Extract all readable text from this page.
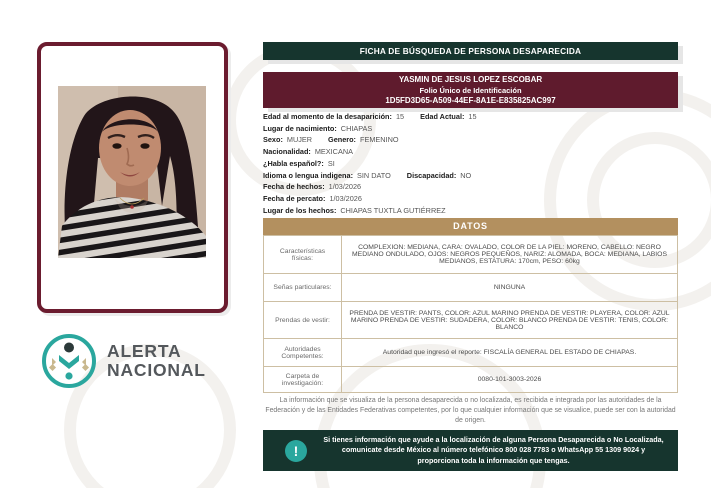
ALERTA
NACIONAL
FICHA DE BÚSQUEDA DE PERSONA DESAPARECIDA
YASMIN DE JESUS LOPEZ ESCOBAR
Folio Único de Identificación
1D5FD3D65-A509-44EF-8A1E-E835825AC997
Edad al momento de la desaparición: 15 Edad Actual: 15
Lugar de nacimiento: CHIAPAS
Sexo: MUJER Genero: FEMENINO
Nacionalidad: MEXICANA
¿Habla español?: SI
Idioma o lengua indigena: SIN DATO Discapacidad: NO
Fecha de hechos: 1/03/2026
Fecha de percato: 1/03/2026
Lugar de los hechos: CHIAPAS TUXTLA GUTIÉRREZ
DATOS
Características físicas:	COMPLEXION: MEDIANA, CARA: OVALADO, COLOR DE LA PIEL: MORENO, CABELLO: NEGRO MEDIANO ONDULADO, OJOS: NEGROS PEQUEÑOS, NARIZ: ALOMADA, BOCA: MEDIANA, LABIOS MEDIANOS, ESTATURA: 170cm, PESO: 60kg
Señas particulares:	NINGUNA
Prendas de vestir:	PRENDA DE VESTIR: PANTS, COLOR: AZUL MARINO PRENDA DE VESTIR: PLAYERA, COLOR: AZUL MARINO PRENDA DE VESTIR: SUDADERA, COLOR: BLANCO PRENDA DE VESTIR: TENIS, COLOR: BLANCO
Autoridades Competentes:	Autoridad que ingresó el reporte: FISCALÍA GENERAL DEL ESTADO DE CHIAPAS.
Carpeta de investigación:	0080-101-3003-2026
La información que se visualiza de la persona desaparecida o no localizada, es recibida e integrada por las autoridades de la Federación y de las Entidades Federativas competentes, por lo que cualquier información que se visualice, puede ser con la autoridad de origen.
!
Si tienes información que ayude a la localización de alguna Persona Desaparecida o No Localizada, comunicate desde México al número telefónico 800 028 7783 o WhatsApp 55 1309 9024 y proporciona toda la información que tengas.
